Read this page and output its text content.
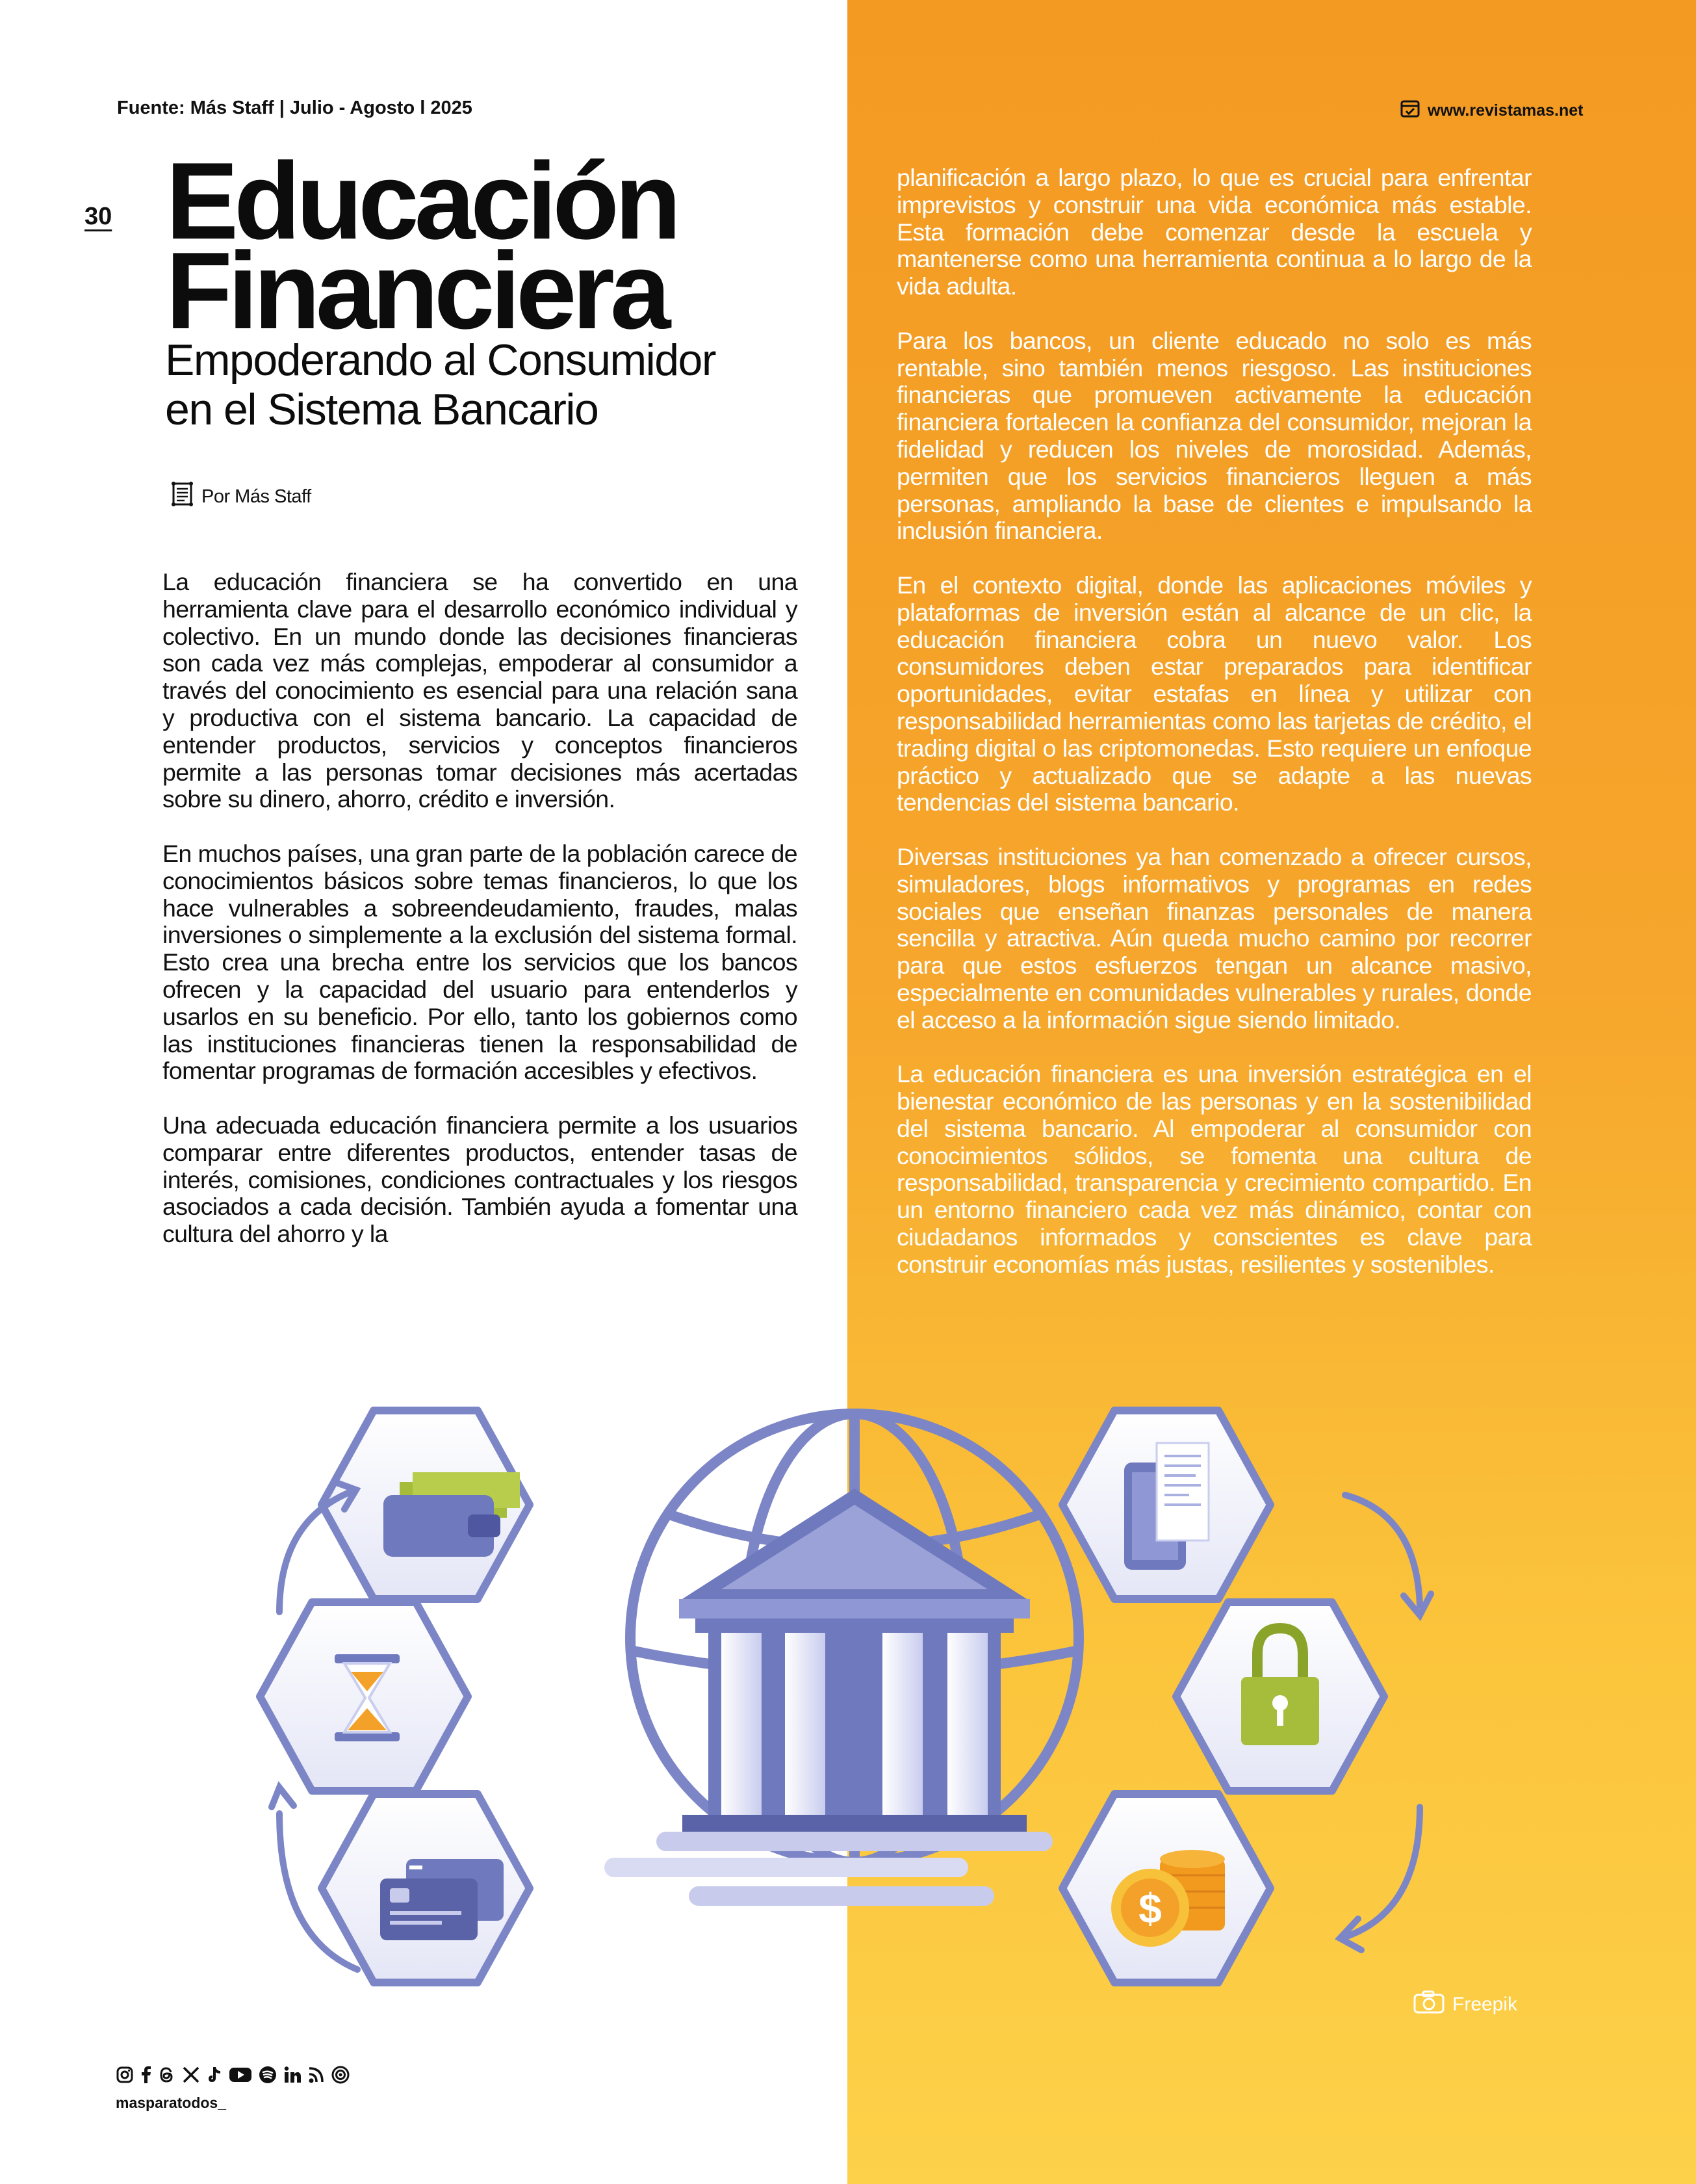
Fuente: Más Staff | Julio - Agosto l 2025	www.revistamas.net
30 Educación
Financiera
Empoderando al Consumidor
en el Sistema Bancario
Por Más Staff

La educación financiera se ha convertido en una herramienta clave para el desarrollo económico individual y colectivo. En un mundo donde las decisiones financieras son cada vez más complejas, empoderar al consumidor a través del conocimiento es esencial para una relación sana y productiva con el sistema bancario. La capacidad de entender productos, servicios y conceptos financieros permite a las personas tomar decisiones más acertadas sobre su dinero, ahorro, crédito e inversión.

En muchos países, una gran parte de la población carece de conocimientos básicos sobre temas financieros, lo que los hace vulnerables a sobreendeudamiento, fraudes, malas inversiones o simplemente a la exclusión del sistema formal. Esto crea una brecha entre los servicios que los bancos ofrecen y la capacidad del usuario para entenderlos y usarlos en su beneficio. Por ello, tanto los gobiernos como las instituciones financieras tienen la responsabilidad de fomentar programas de formación accesibles y efectivos.

Una adecuada educación financiera permite a los usuarios comparar entre diferentes productos, entender tasas de interés, comisiones, condiciones contractuales y los riesgos asociados a cada decisión. También ayuda a fomentar una cultura del ahorro y la

planificación a largo plazo, lo que es crucial para enfrentar imprevistos y construir una vida económica más estable. Esta formación debe comenzar desde la escuela y mantenerse como una herramienta continua a lo largo de la vida adulta.

Para los bancos, un cliente educado no solo es más rentable, sino también menos riesgoso. Las instituciones financieras que promueven activamente la educación financiera fortalecen la confianza del consumidor, mejoran la fidelidad y reducen los niveles de morosidad. Además, permiten que los servicios financieros lleguen a más personas, ampliando la base de clientes e impulsando la inclusión financiera.

En el contexto digital, donde las aplicaciones móviles y plataformas de inversión están al alcance de un clic, la educación financiera cobra un nuevo valor. Los consumidores deben estar preparados para identificar oportunidades, evitar estafas en línea y utilizar con responsabilidad herramientas como las tarjetas de crédito, el trading digital o las criptomonedas. Esto requiere un enfoque práctico y actualizado que se adapte a las nuevas tendencias del sistema bancario.

Diversas instituciones ya han comenzado a ofrecer cursos, simuladores, blogs informativos y programas en redes sociales que enseñan finanzas personales de manera sencilla y atractiva. Aún queda mucho camino por recorrer para que estos esfuerzos tengan un alcance masivo, especialmente en comunidades vulnerables y rurales, donde el acceso a la información sigue siendo limitado.

La educación financiera es una inversión estratégica en el bienestar económico de las personas y en la sostenibilidad del sistema bancario. Al empoderar al consumidor con conocimientos sólidos, se fomenta una cultura de responsabilidad, transparencia y crecimiento compartido. En un entorno financiero cada vez más dinámico, contar con ciudadanos informados y conscientes es clave para construir economías más justas, resilientes y sostenibles.

$
Freepik
masparatodos_
